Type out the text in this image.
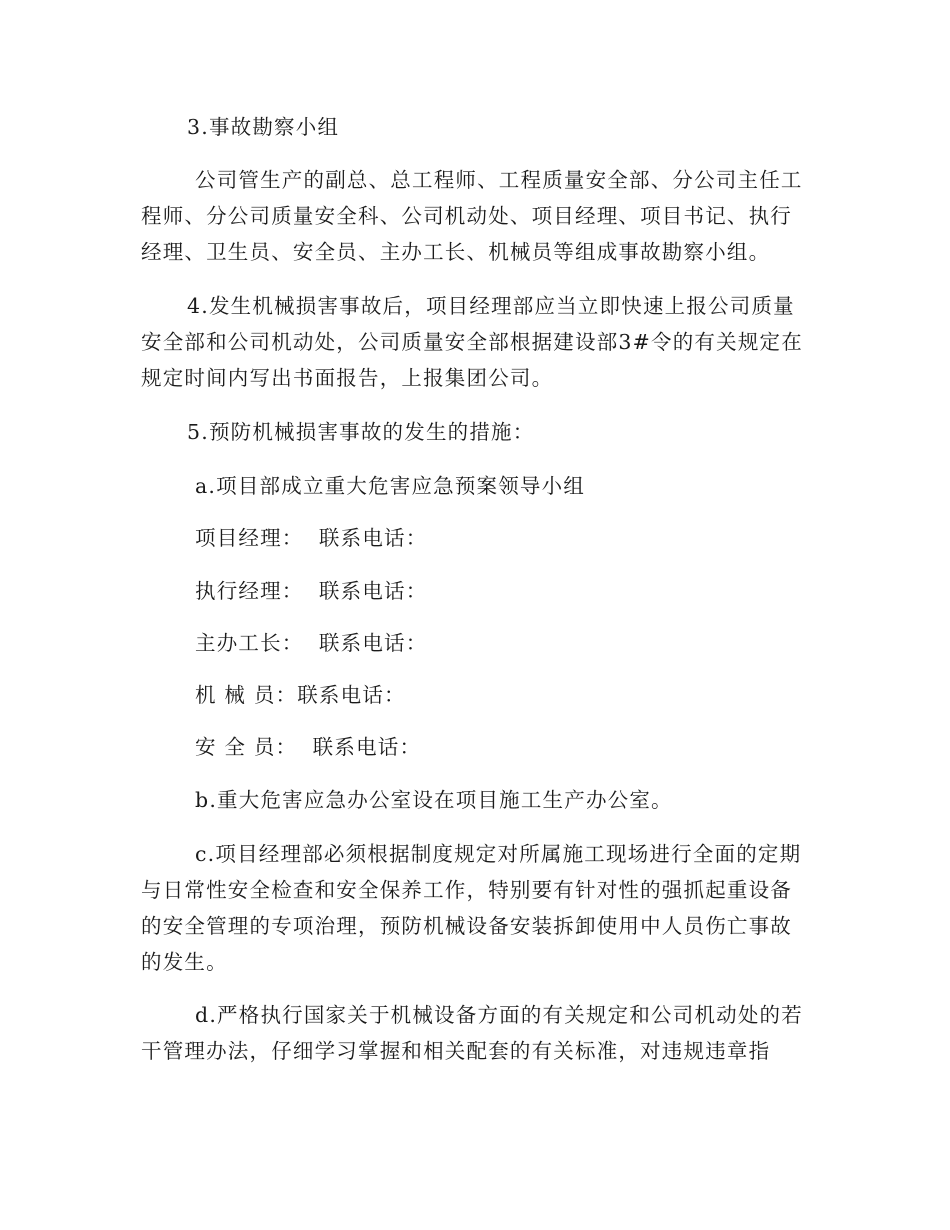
3.事故勘察小组
公司管生产的副总、总工程师、工程质量安全部、分公司主任工
程师、分公司质量安全科、公司机动处、项目经理、项目书记、执行
经理、卫生员、安全员、主办工长、机械员等组成事故勘察小组。
4.发生机械损害事故后，项目经理部应当立即快速上报公司质量
安全部和公司机动处，公司质量安全部根据建设部3#令的有关规定在
规定时间内写出书面报告，上报集团公司。
5.预防机械损害事故的发生的措施：
a.项目部成立重大危害应急预案领导小组
项目经理：  联系电话：
执行经理：  联系电话：
主办工长：  联系电话：
机 械 员：联系电话：
安 全 员：  联系电话：
b.重大危害应急办公室设在项目施工生产办公室。
c.项目经理部必须根据制度规定对所属施工现场进行全面的定期
与日常性安全检查和安全保养工作，特别要有针对性的强抓起重设备
的安全管理的专项治理，预防机械设备安装拆卸使用中人员伤亡事故
的发生。
d.严格执行国家关于机械设备方面的有关规定和公司机动处的若
干管理办法，仔细学习掌握和相关配套的有关标准，对违规违章指
